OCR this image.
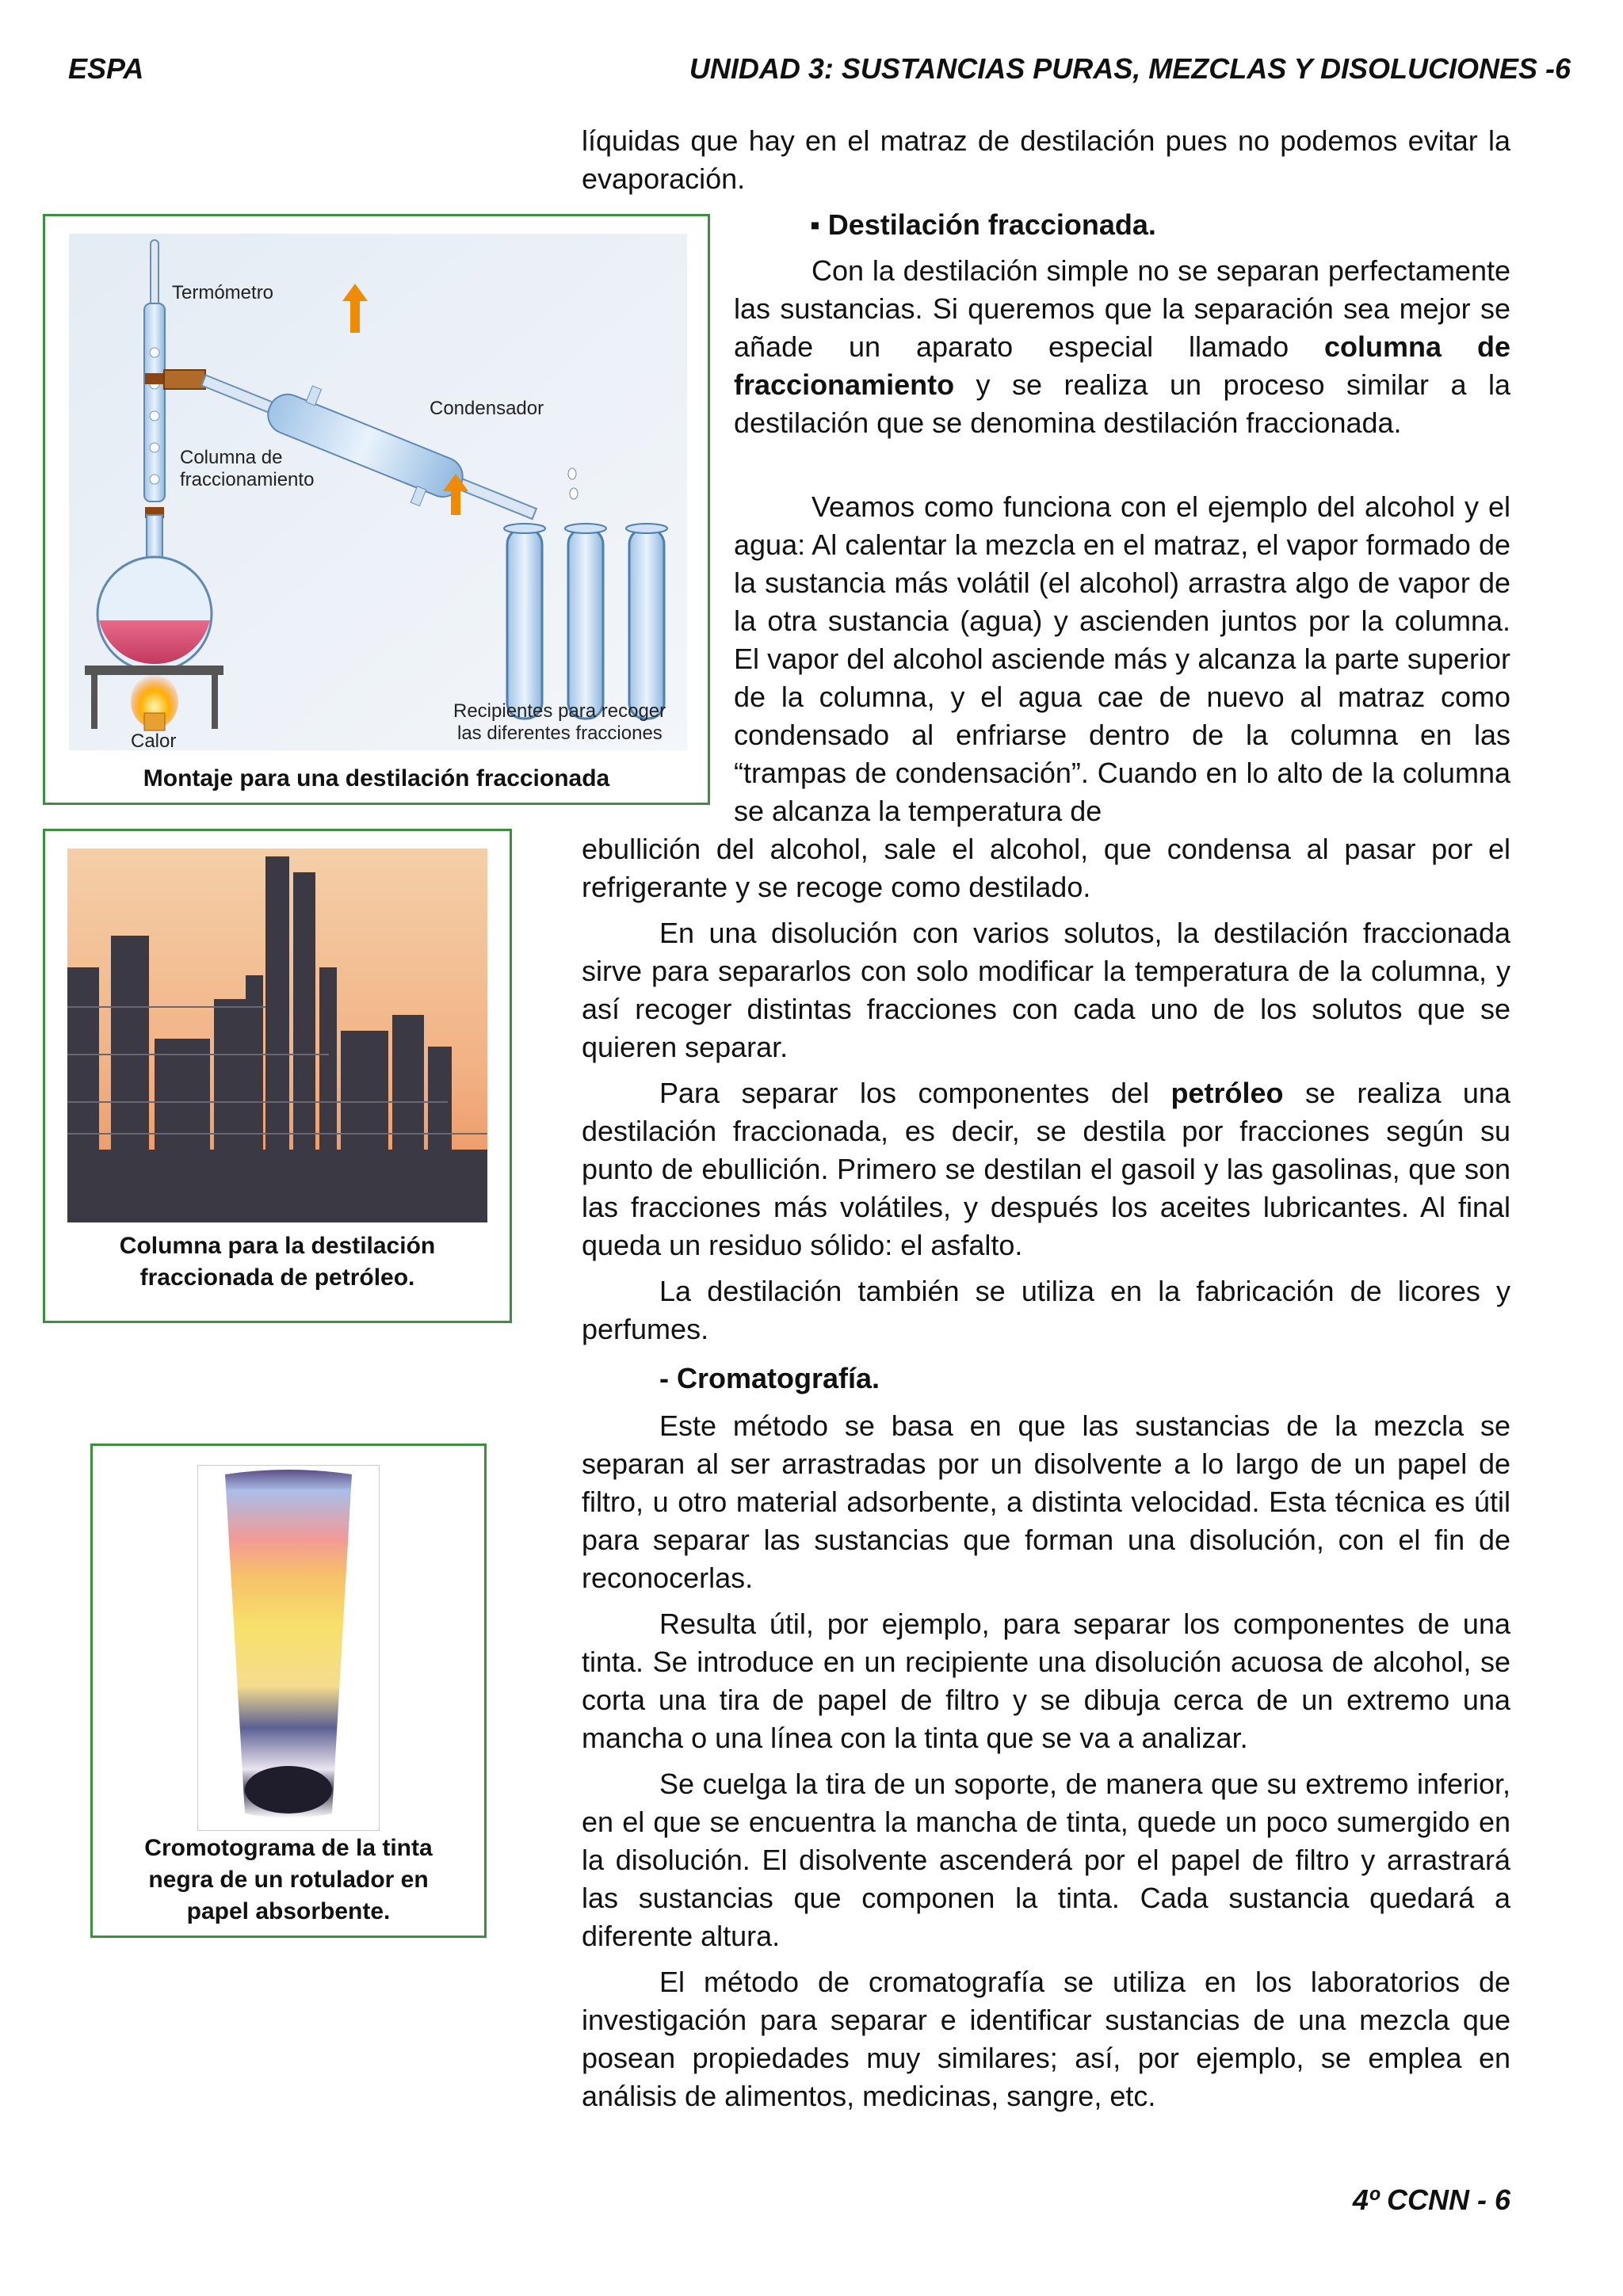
ESPA	UNIDAD 3: SUSTANCIAS PURAS, MEZCLAS Y DISOLUCIONES -6
Termómetro
Condensador
Columna de
fraccionamiento
Recipientes para recoger
las diferentes fracciones
Calor

Montaje para una destilación fraccionada

Columna para la destilación

fraccionada de petróleo.

Cromotograma de la tinta

negra de un rotulador en

papel absorbente.

líquidas que hay en el matraz de destilación pues no podemos evitar la evaporación.

▪ Destilación fraccionada.

Con la destilación simple no se separan perfectamente las sustancias. Si queremos que la separación sea mejor se añade un aparato especial llamado columna de fraccionamiento y se realiza un proceso similar a la destilación que se denomina destilación fraccionada.

Veamos como funciona con el ejemplo del alcohol y el agua: Al calentar la mezcla en el matraz, el vapor formado de la sustancia más volátil (el alcohol) arrastra algo de vapor de la otra sustancia (agua) y ascienden juntos por la columna. El vapor del alcohol asciende más y alcanza la parte superior de la columna, y el agua cae de nuevo al matraz como condensado al enfriarse dentro de la columna en las “trampas de condensación”. Cuando en lo alto de la columna se alcanza la temperatura de

ebullición del alcohol, sale el alcohol, que condensa al pasar por el refrigerante y se recoge como destilado.

En una disolución con varios solutos, la destilación fraccionada sirve para separarlos con solo modificar la temperatura de la columna, y así recoger distintas fracciones con cada uno de los solutos que se quieren separar.

Para separar los componentes del petróleo se realiza una destilación fraccionada, es decir, se destila por fracciones según su punto de ebullición. Primero se destilan el gasoil y las gasolinas, que son las fracciones más volátiles, y después los aceites lubricantes. Al final queda un residuo sólido: el asfalto.

La destilación también se utiliza en la fabricación de licores y perfumes.

- Cromatografía.

Este método se basa en que las sustancias de la mezcla se separan al ser arrastradas por un disolvente a lo largo de un papel de filtro, u otro material adsorbente, a distinta velocidad. Esta técnica es útil para separar las sustancias que forman una disolución, con el fin de reconocerlas.

Resulta útil, por ejemplo, para separar los componentes de una tinta. Se introduce en un recipiente una disolución acuosa de alcohol, se corta una tira de papel de filtro y se dibuja cerca de un extremo una mancha o una línea con la tinta que se va a analizar.

Se cuelga la tira de un soporte, de manera que su extremo inferior, en el que se encuentra la mancha de tinta, quede un poco sumergido en la disolución. El disolvente ascenderá por el papel de filtro y arrastrará las sustancias que componen la tinta. Cada sustancia quedará a diferente altura.

El método de cromatografía se utiliza en los laboratorios de investigación para separar e identificar sustancias de una mezcla que posean propiedades muy similares; así, por ejemplo, se emplea en análisis de alimentos, medicinas, sangre, etc.

4º CCNN - 6
